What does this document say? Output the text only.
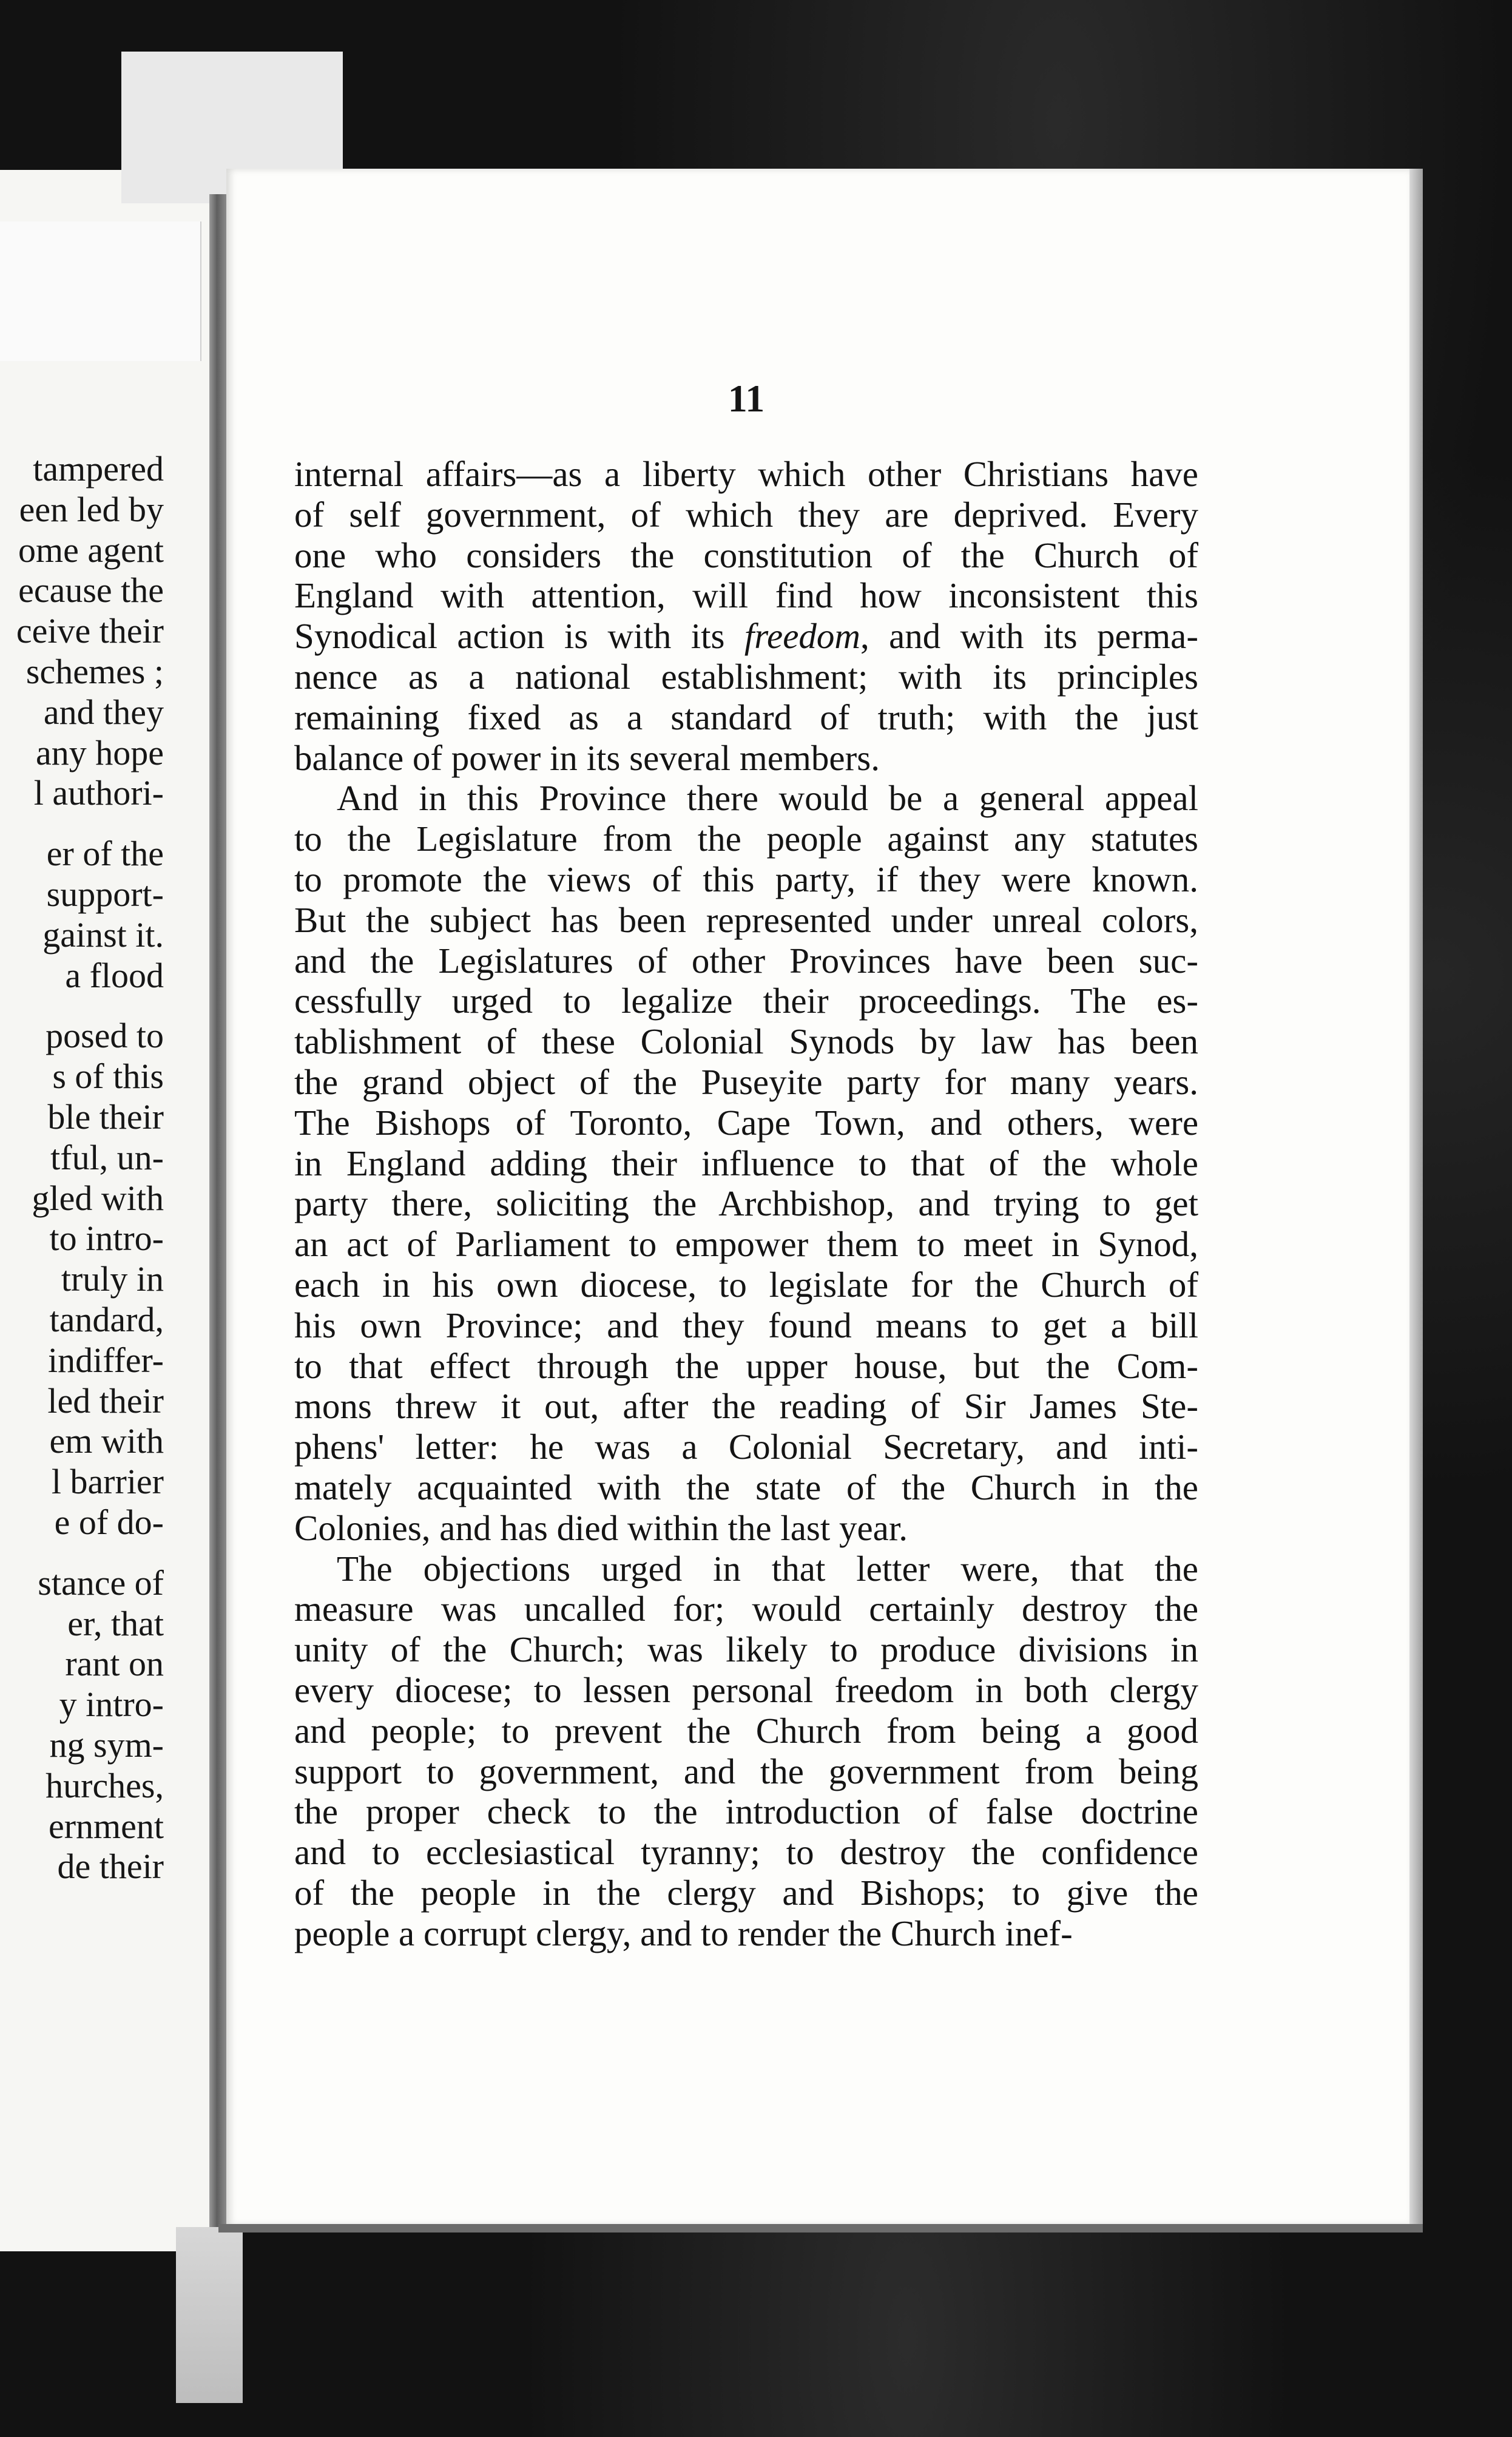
tampered
een led by
ome agent
ecause the
ceive their
schemes ;
and they
any hope
l authori-
er of the
support-
gainst it.
a flood
posed to
s of this
ble their
tful, un-
gled with
to intro-
truly in
tandard,
indiffer-
led their
em with
l barrier
e of do-
stance of
er, that
rant on
y intro-
ng sym-
hurches,
ernment
de their
11
internal affairs—as a liberty which other Christians have
of self government, of which they are deprived. Every
one who considers the constitution of the Church of
England with attention, will find how inconsistent this
Synodical action is with its freedom, and with its perma-
nence as a national establishment; with its principles
remaining fixed as a standard of truth; with the just
balance of power in its several members.
And in this Province there would be a general appeal
to the Legislature from the people against any statutes
to promote the views of this party, if they were known.
But the subject has been represented under unreal colors,
and the Legislatures of other Provinces have been suc-
cessfully urged to legalize their proceedings. The es-
tablishment of these Colonial Synods by law has been
the grand object of the Puseyite party for many years.
The Bishops of Toronto, Cape Town, and others, were
in England adding their influence to that of the whole
party there, soliciting the Archbishop, and trying to get
an act of Parliament to empower them to meet in Synod,
each in his own diocese, to legislate for the Church of
his own Province; and they found means to get a bill
to that effect through the upper house, but the Com-
mons threw it out, after the reading of Sir James Ste-
phens' letter: he was a Colonial Secretary, and inti-
mately acquainted with the state of the Church in the
Colonies, and has died within the last year.
The objections urged in that letter were, that the
measure was uncalled for; would certainly destroy the
unity of the Church; was likely to produce divisions in
every diocese; to lessen personal freedom in both clergy
and people; to prevent the Church from being a good
support to government, and the government from being
the proper check to the introduction of false doctrine
and to ecclesiastical tyranny; to destroy the confidence
of the people in the clergy and Bishops; to give the
people a corrupt clergy, and to render the Church inef-
